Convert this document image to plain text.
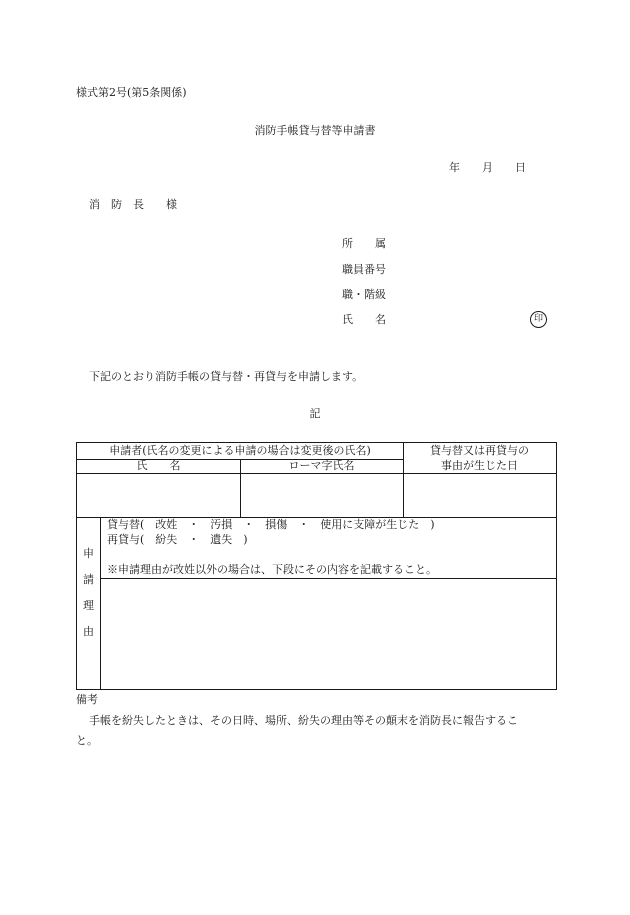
様式第2号(第5条関係)
消防手帳貸与替等申請書
年　　月　　日
消　防　長　　様
所　　属
職員番号
職・階級
氏　　名	印
下記のとおり消防手帳の貸与替・再貸与を申請します。
記
申請者(氏名の変更による申請の場合は変更後の氏名)
氏　　名	ローマ字氏名
貸与替又は再貸与の
事由が生じた日
申
請
理
由
貸与替(　改姓　・　汚損　・　損傷　・　使用に支障が生じた　)
再貸与(　紛失　・　遺失　)
※申請理由が改姓以外の場合は、下段にその内容を記載すること。
備考
手帳を紛失したときは、その日時、場所、紛失の理由等その顛末を消防長に報告するこ
と。
